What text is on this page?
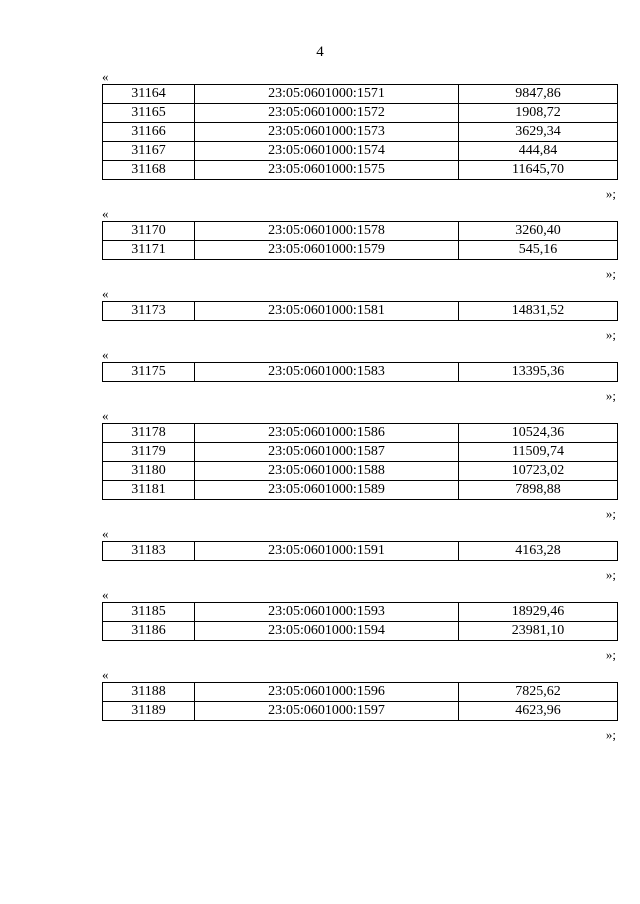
4
«
31164	23:05:0601000:1571	9847,86
31165	23:05:0601000:1572	1908,72
31166	23:05:0601000:1573	3629,34
31167	23:05:0601000:1574	444,84
31168	23:05:0601000:1575	11645,70
»;
«
31170	23:05:0601000:1578	3260,40
31171	23:05:0601000:1579	545,16
»;
«
31173	23:05:0601000:1581	14831,52
»;
«
31175	23:05:0601000:1583	13395,36
»;
«
31178	23:05:0601000:1586	10524,36
31179	23:05:0601000:1587	11509,74
31180	23:05:0601000:1588	10723,02
31181	23:05:0601000:1589	7898,88
»;
«
31183	23:05:0601000:1591	4163,28
»;
«
31185	23:05:0601000:1593	18929,46
31186	23:05:0601000:1594	23981,10
»;
«
31188	23:05:0601000:1596	7825,62
31189	23:05:0601000:1597	4623,96
»;
